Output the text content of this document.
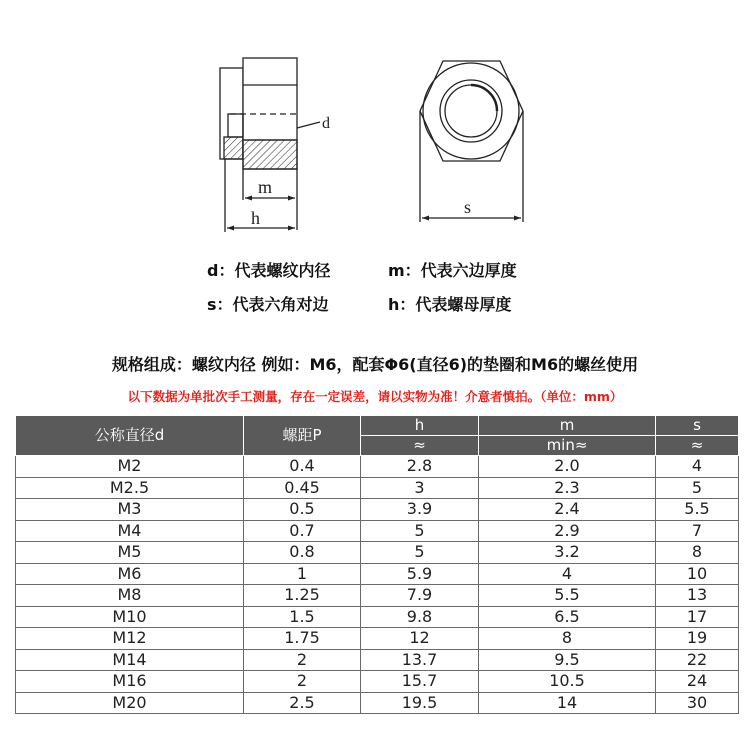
d
m
h
s
d：代表螺纹内径	m：代表六边厚度
s：代表六角对边	h：代表螺母厚度
规格组成：螺纹内径 例如：M6，配套Φ6(直径6)的垫圈和M6的螺丝使用
以下数据为单批次手工测量，存在一定误差，请以实物为准！介意者慎拍。（单位：mm）
公称直径d	螺距P	h	m	s
		≈	min≈	≈
M2	0.4	2.8	2.0	4
M2.5	0.45	3	2.3	5
M3	0.5	3.9	2.4	5.5
M4	0.7	5	2.9	7
M5	0.8	5	3.2	8
M6	1	5.9	4	10
M8	1.25	7.9	5.5	13
M10	1.5	9.8	6.5	17
M12	1.75	12	8	19
M14	2	13.7	9.5	22
M16	2	15.7	10.5	24
M20	2.5	19.5	14	30
